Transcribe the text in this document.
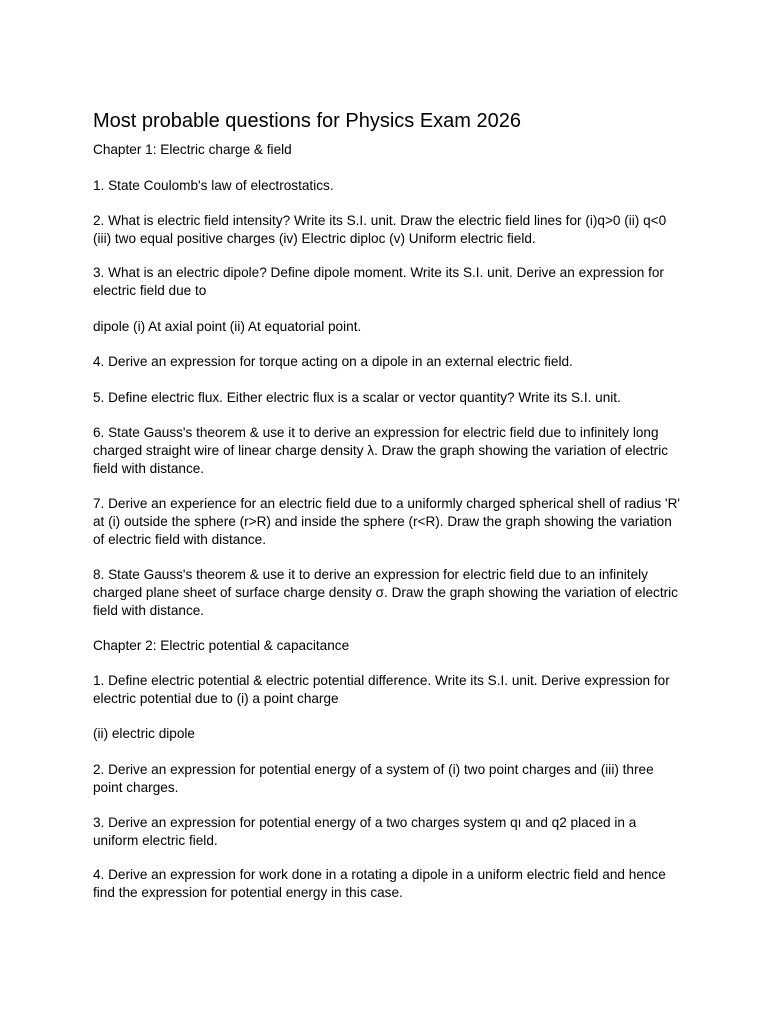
Most probable questions for Physics Exam 2026

Chapter 1: Electric charge & field

1. State Coulomb's law of electrostatics.

2. What is electric field intensity? Write its S.I. unit. Draw the electric field lines for (i)q>0 (ii) q<0 (iii) two equal positive charges (iv) Electric diploc (v) Uniform electric field.

3. What is an electric dipole? Define dipole moment. Write its S.I. unit. Derive an expression for electric field due to

dipole (i) At axial point (ii) At equatorial point.

4. Derive an expression for torque acting on a dipole in an external electric field.

5. Define electric flux. Either electric flux is a scalar or vector quantity? Write its S.I. unit.

6. State Gauss's theorem & use it to derive an expression for electric field due to infinitely long charged straight wire of linear charge density λ. Draw the graph showing the variation of electric field with distance.

7. Derive an experience for an electric field due to a uniformly charged spherical shell of radius 'R' at (i) outside the sphere (r>R) and inside the sphere (r<R). Draw the graph showing the variation of electric field with distance.

8. State Gauss's theorem & use it to derive an expression for electric field due to an infinitely charged plane sheet of surface charge density σ. Draw the graph showing the variation of electric field with distance.

Chapter 2: Electric potential & capacitance

1. Define electric potential & electric potential difference. Write its S.I. unit. Derive expression for electric potential due to (i) a point charge

(ii) electric dipole

2. Derive an expression for potential energy of a system of (i) two point charges and (iii) three point charges.

3. Derive an expression for potential energy of a two charges system qı and q2 placed in a uniform electric field.

4. Derive an expression for work done in a rotating a dipole in a uniform electric field and hence find the expression for potential energy in this case.
